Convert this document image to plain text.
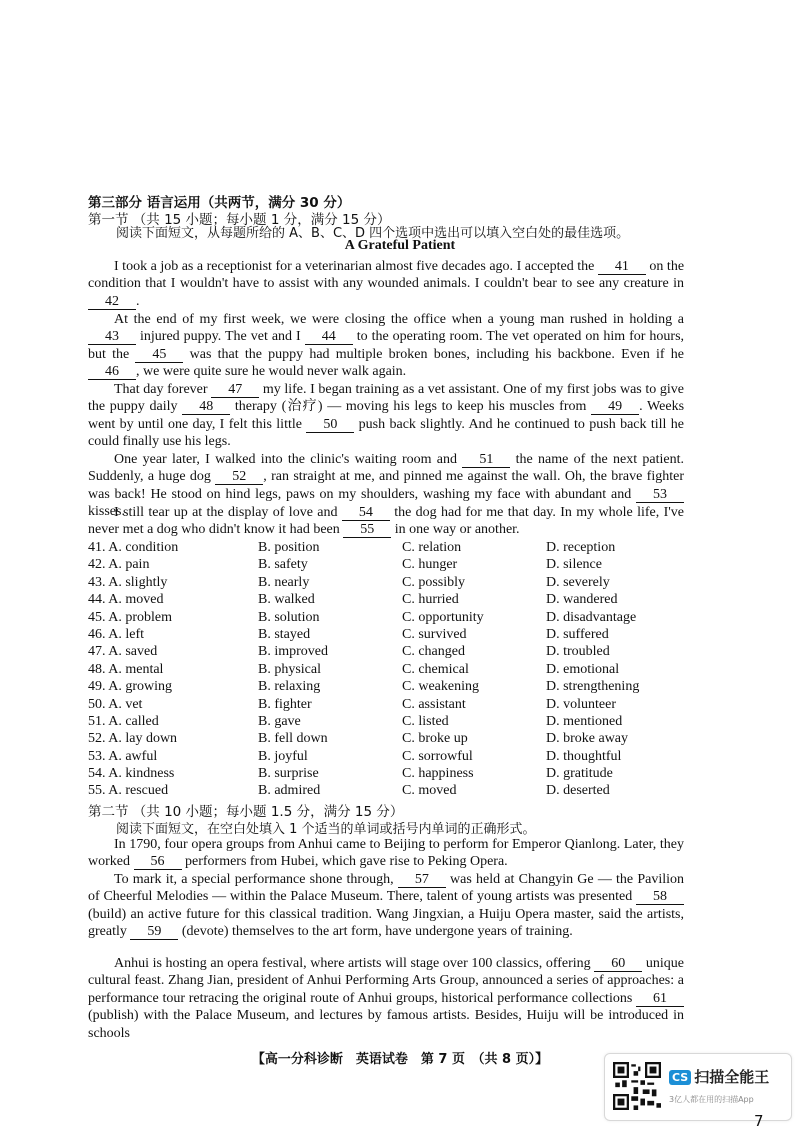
第三部分 语言运用（共两节，满分 30 分）
第一节 （共 15 小题；每小题 1 分，满分 15 分）
阅读下面短文，从每题所给的 A、B、C、D 四个选项中选出可以填入空白处的最佳选项。
A Grateful Patient
I took a job as a receptionist for a veterinarian almost five decades ago. I accepted the 41 on the condition that I wouldn't have to assist with any wounded animals. I couldn't bear to see any creature in 42 .
At the end of my first week, we were closing the office when a young man rushed in holding a 43 injured puppy. The vet and I 44 to the operating room. The vet operated on him for hours, but the 45 was that the puppy had multiple broken bones, including his backbone. Even if he 46 , we were quite sure he would never walk again.
That day forever 47 my life. I began training as a vet assistant. One of my first jobs was to give the puppy daily 48 therapy (治疗) — moving his legs to keep his muscles from 49 . Weeks went by until one day, I felt this little 50 push back slightly. And he continued to push back till he could finally use his legs.
One year later, I walked into the clinic's waiting room and 51 the name of the next patient. Suddenly, a huge dog 52 , ran straight at me, and pinned me against the wall. Oh, the brave fighter was back! He stood on hind legs, paws on my shoulders, washing my face with abundant and 53 kisses.
I still tear up at the display of love and 54 the dog had for me that day. In my whole life, I've never met a dog who didn't know it had been 55 in one way or another.
41. A. condition	B. position	C. relation	D. reception
42. A. pain	B. safety	C. hunger	D. silence
43. A. slightly	B. nearly	C. possibly	D. severely
44. A. moved	B. walked	C. hurried	D. wandered
45. A. problem	B. solution	C. opportunity	D. disadvantage
46. A. left	B. stayed	C. survived	D. suffered
47. A. saved	B. improved	C. changed	D. troubled
48. A. mental	B. physical	C. chemical	D. emotional
49. A. growing	B. relaxing	C. weakening	D. strengthening
50. A. vet	B. fighter	C. assistant	D. volunteer
51. A. called	B. gave	C. listed	D. mentioned
52. A. lay down	B. fell down	C. broke up	D. broke away
53. A. awful	B. joyful	C. sorrowful	D. thoughtful
54. A. kindness	B. surprise	C. happiness	D. gratitude
55. A. rescued	B. admired	C. moved	D. deserted
第二节 （共 10 小题；每小题 1.5 分，满分 15 分）
阅读下面短文，在空白处填入 1 个适当的单词或括号内单词的正确形式。
In 1790, four opera groups from Anhui came to Beijing to perform for Emperor Qianlong. Later, they worked 56 performers from Hubei, which gave rise to Peking Opera.
To mark it, a special performance shone through, 57 was held at Changyin Ge — the Pavilion of Cheerful Melodies — within the Palace Museum. There, talent of young artists was presented 58 (build) an active future for this classical tradition. Wang Jingxian, a Huiju Opera master, said the artists, greatly 59 (devote) themselves to the art form, have undergone years of training.
Anhui is hosting an opera festival, where artists will stage over 100 classics, offering 60 unique cultural feast. Zhang Jian, president of Anhui Performing Arts Group, announced a series of approaches: a performance tour retracing the original route of Anhui groups, historical performance collections 61 (publish) with the Palace Museum, and lectures by famous artists. Besides, Huiju will be introduced in schools
【高一分科诊断　英语试卷　第 7 页　（共 8 页）】
CS 扫描全能王
3亿人都在用的扫描App
7
